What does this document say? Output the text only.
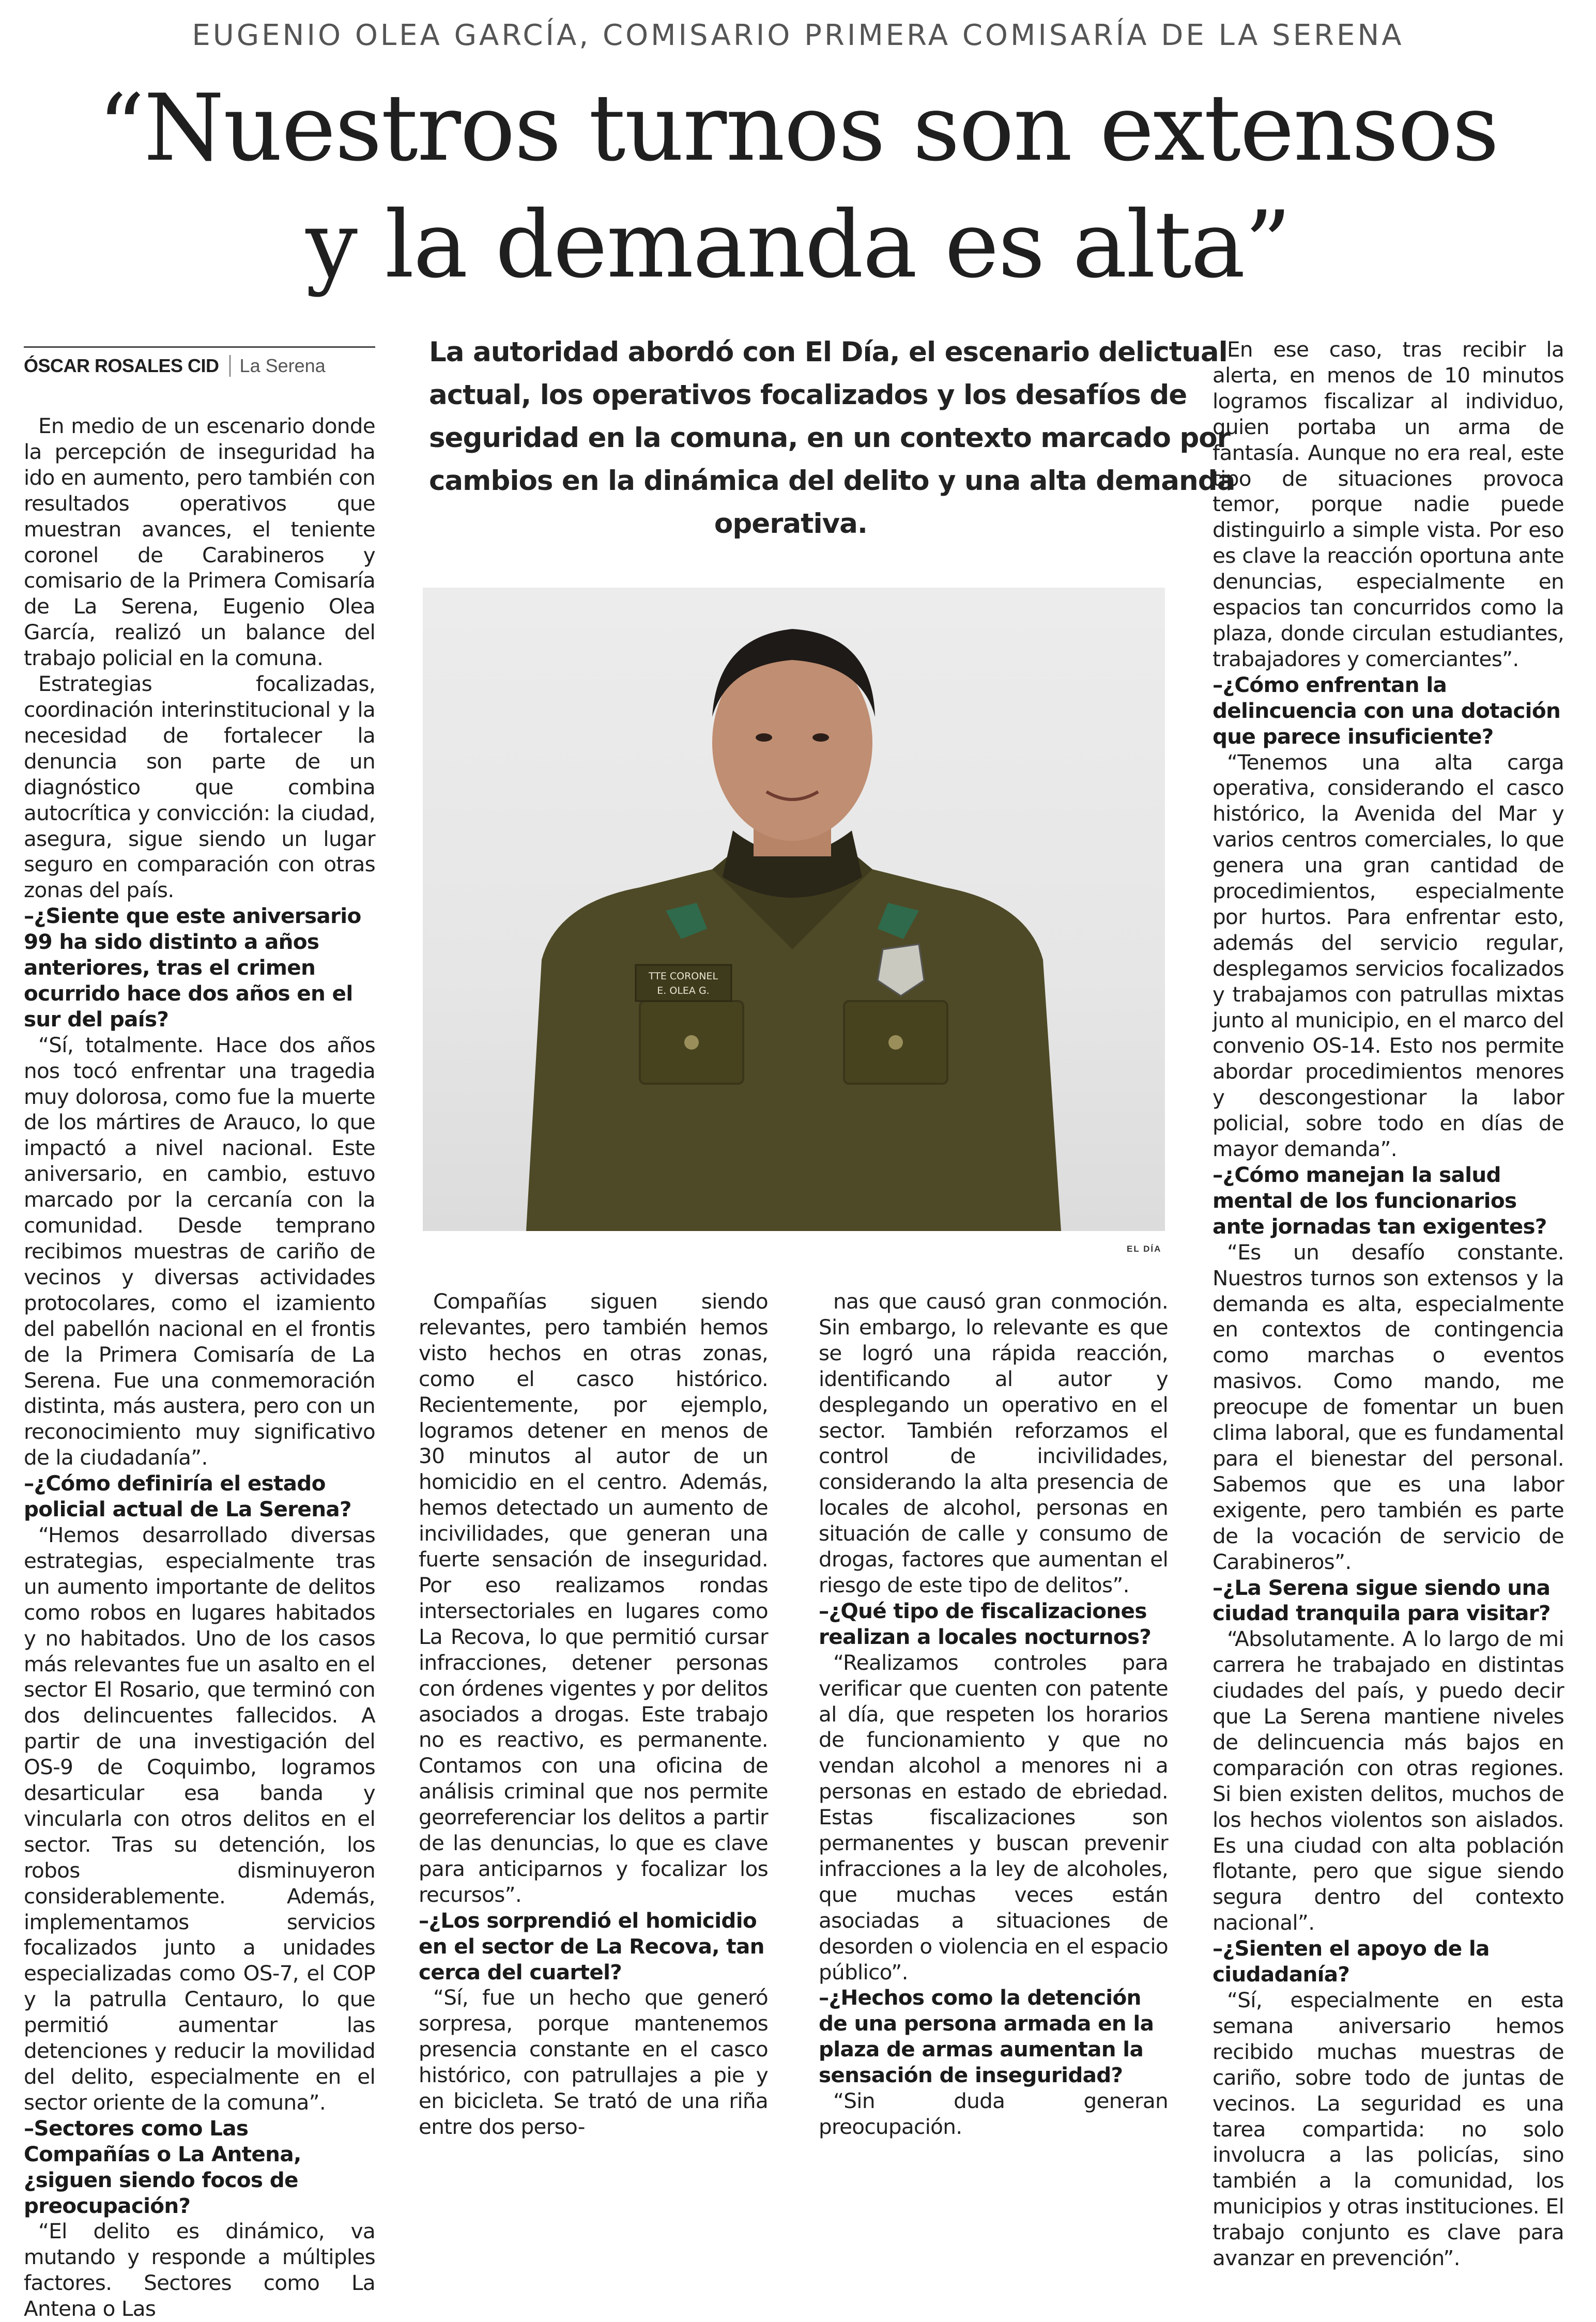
EUGENIO OLEA GARCÍA, COMISARIO PRIMERA COMISARÍA DE LA SERENA
“Nuestros turnos son extensos
y la demanda es alta”
ÓSCAR ROSALES CID La Serena	La autoridad abordó con El Día, el escenario delictual
actual, los operativos focalizados y los desafíos de
seguridad en la comuna, en un contexto marcado por
cambios en la dinámica del delito y una alta demanda
operativa.
TTE CORONEL
E. OLEA G.
EL DÍA
En medio de un escenario donde la percepción de inseguridad ha ido en aumento, pero también con resultados operativos que muestran avances, el teniente coronel de Carabineros y comisario de la Primera Comisaría de La Serena, Eugenio Olea García, realizó un balance del trabajo policial en la comuna.
Estrategias focalizadas, coordinación interinstitucional y la necesidad de fortalecer la denuncia son parte de un diagnóstico que combina autocrítica y convicción: la ciudad, asegura, sigue siendo un lugar seguro en comparación con otras zonas del país.
–¿Siente que este aniversario 99 ha sido distinto a años anteriores, tras el crimen ocurrido hace dos años en el sur del país?
“Sí, totalmente. Hace dos años nos tocó enfrentar una tragedia muy dolorosa, como fue la muerte de los mártires de Arauco, lo que impactó a nivel nacional. Este aniversario, en cambio, estuvo marcado por la cercanía con la comunidad. Desde temprano recibimos muestras de cariño de vecinos y diversas actividades protocolares, como el izamiento del pabellón nacional en el frontis de la Primera Comisaría de La Serena. Fue una conmemoración distinta, más austera, pero con un reconocimiento muy significativo de la ciudadanía”.
–¿Cómo definiría el estado policial actual de La Serena?
“Hemos desarrollado diversas estrategias, especialmente tras un aumento importante de delitos como robos en lugares habitados y no habitados. Uno de los casos más relevantes fue un asalto en el sector El Rosario, que terminó con dos delincuentes fallecidos. A partir de una investigación del OS-9 de Coquimbo, logramos desarticular esa banda y vincularla con otros delitos en el sector. Tras su detención, los robos disminuyeron considerablemente. Además, implementamos servicios focalizados junto a unidades especializadas como OS-7, el COP y la patrulla Centauro, lo que permitió aumentar las detenciones y reducir la movilidad del delito, especialmente en el sector oriente de la comuna”.
–Sectores como Las Compañías o La Antena, ¿siguen siendo focos de preocupación?
“El delito es dinámico, va mutando y responde a múltiples factores. Sectores como La Antena o Las
Compañías siguen siendo relevantes, pero también hemos visto hechos en otras zonas, como el casco histórico. Recientemente, por ejemplo, logramos detener en menos de 30 minutos al autor de un homicidio en el centro. Además, hemos detectado un aumento de incivilidades, que generan una fuerte sensación de inseguridad. Por eso realizamos rondas intersectoriales en lugares como La Recova, lo que permitió cursar infracciones, detener personas con órdenes vigentes y por delitos asociados a drogas. Este trabajo no es reactivo, es permanente. Contamos con una oficina de análisis criminal que nos permite georreferenciar los delitos a partir de las denuncias, lo que es clave para anticiparnos y focalizar los recursos”.
–¿Los sorprendió el homicidio en el sector de La Recova, tan cerca del cuartel?
“Sí, fue un hecho que generó sorpresa, porque mantenemos presencia constante en el casco histórico, con patrullajes a pie y en bicicleta. Se trató de una riña entre dos perso-
nas que causó gran conmoción. Sin embargo, lo relevante es que se logró una rápida reacción, identificando al autor y desplegando un operativo en el sector. También reforzamos el control de incivilidades, considerando la alta presencia de locales de alcohol, personas en situación de calle y consumo de drogas, factores que aumentan el riesgo de este tipo de delitos”.
–¿Qué tipo de fiscalizaciones realizan a locales nocturnos?
“Realizamos controles para verificar que cuenten con patente al día, que respeten los horarios de funcionamiento y que no vendan alcohol a menores ni a personas en estado de ebriedad. Estas fiscalizaciones son permanentes y buscan prevenir infracciones a la ley de alcoholes, que muchas veces están asociadas a situaciones de desorden o violencia en el espacio público”.
–¿Hechos como la detención de una persona armada en la plaza de armas aumentan la sensación de inseguridad?
“Sin duda generan preocupación.
En ese caso, tras recibir la alerta, en menos de 10 minutos logramos fiscalizar al individuo, quien portaba un arma de fantasía. Aunque no era real, este tipo de situaciones provoca temor, porque nadie puede distinguirlo a simple vista. Por eso es clave la reacción oportuna ante denuncias, especialmente en espacios tan concurridos como la plaza, donde circulan estudiantes, trabajadores y comerciantes”.
–¿Cómo enfrentan la delincuencia con una dotación que parece insuficiente?
“Tenemos una alta carga operativa, considerando el casco histórico, la Avenida del Mar y varios centros comerciales, lo que genera una gran cantidad de procedimientos, especialmente por hurtos. Para enfrentar esto, además del servicio regular, desplegamos servicios focalizados y trabajamos con patrullas mixtas junto al municipio, en el marco del convenio OS-14. Esto nos permite abordar procedimientos menores y descongestionar la labor policial, sobre todo en días de mayor demanda”.
–¿Cómo manejan la salud mental de los funcionarios ante jornadas tan exigentes?
“Es un desafío constante. Nuestros turnos son extensos y la demanda es alta, especialmente en contextos de contingencia como marchas o eventos masivos. Como mando, me preocupe de fomentar un buen clima laboral, que es fundamental para el bienestar del personal. Sabemos que es una labor exigente, pero también es parte de la vocación de servicio de Carabineros”.
–¿La Serena sigue siendo una ciudad tranquila para visitar?
“Absolutamente. A lo largo de mi carrera he trabajado en distintas ciudades del país, y puedo decir que La Serena mantiene niveles de delincuencia más bajos en comparación con otras regiones. Si bien existen delitos, muchos de los hechos violentos son aislados. Es una ciudad con alta población flotante, pero que sigue siendo segura dentro del contexto nacional”.
–¿Sienten el apoyo de la ciudadanía?
“Sí, especialmente en esta semana aniversario hemos recibido muchas muestras de cariño, sobre todo de juntas de vecinos. La seguridad es una tarea compartida: no solo involucra a las policías, sino también a la comunidad, los municipios y otras instituciones. El trabajo conjunto es clave para avanzar en prevención”.
